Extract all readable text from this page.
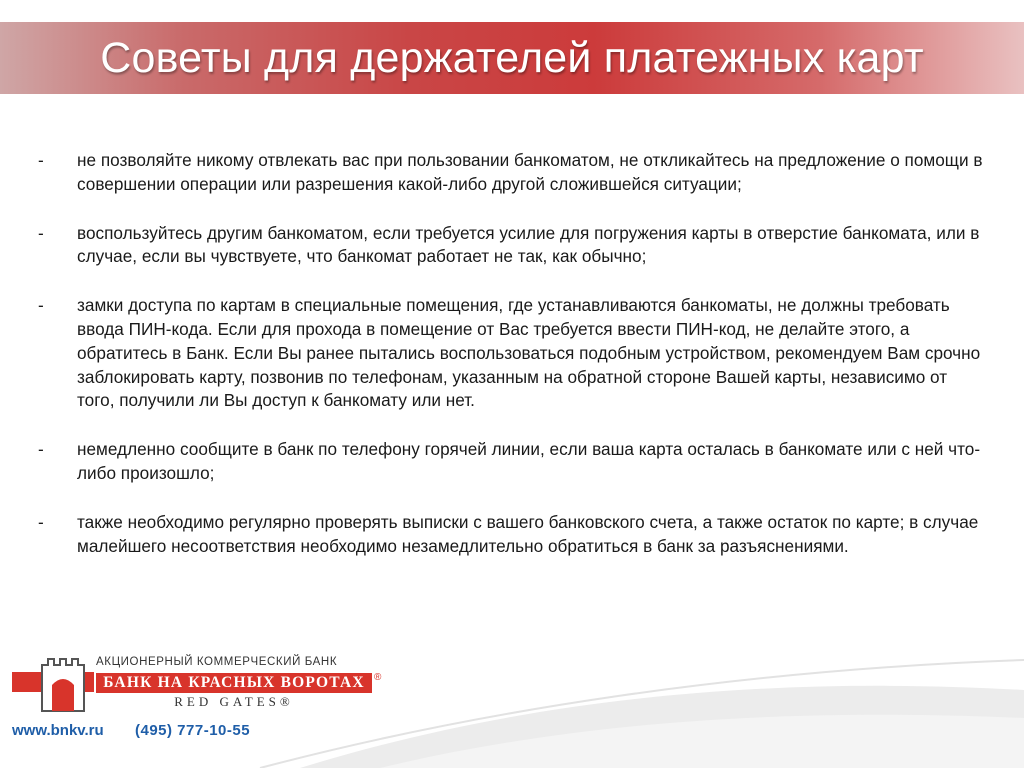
Советы для держателей платежных карт
-	не позволяйте никому отвлекать вас при пользовании банкоматом, не откликайтесь на предложение о помощи в совершении операции или разрешения какой-либо другой сложившейся ситуации;
-	воспользуйтесь другим банкоматом, если требуется усилие для погружения карты в отверстие банкомата, или в случае, если вы чувствуете, что банкомат работает не так, как обычно;
-	замки доступа по картам в специальные помещения, где устанавливаются банкоматы, не должны требовать ввода ПИН-кода. Если для прохода в помещение от Вас требуется ввести ПИН-код, не делайте этого, а обратитесь в Банк. Если Вы ранее пытались воспользоваться подобным устройством, рекомендуем Вам срочно заблокировать карту, позвонив по телефонам, указанным на обратной стороне Вашей карты, независимо от того, получили ли Вы доступ к банкомату или нет.
-	немедленно сообщите в банк по телефону горячей линии, если ваша карта осталась в банкомате или с ней что-либо произошло;
-	также необходимо регулярно проверять выписки с вашего банковского счета, а также остаток по карте; в случае малейшего несоответствия необходимо незамедлительно обратиться в банк за разъяснениями.
АКЦИОНЕРНЫЙ КОММЕРЧЕСКИЙ БАНК
БАНК НА КРАСНЫХ ВОРОТАХ ®
RED GATES®
www.bnkv.ru (495) 777-10-55
